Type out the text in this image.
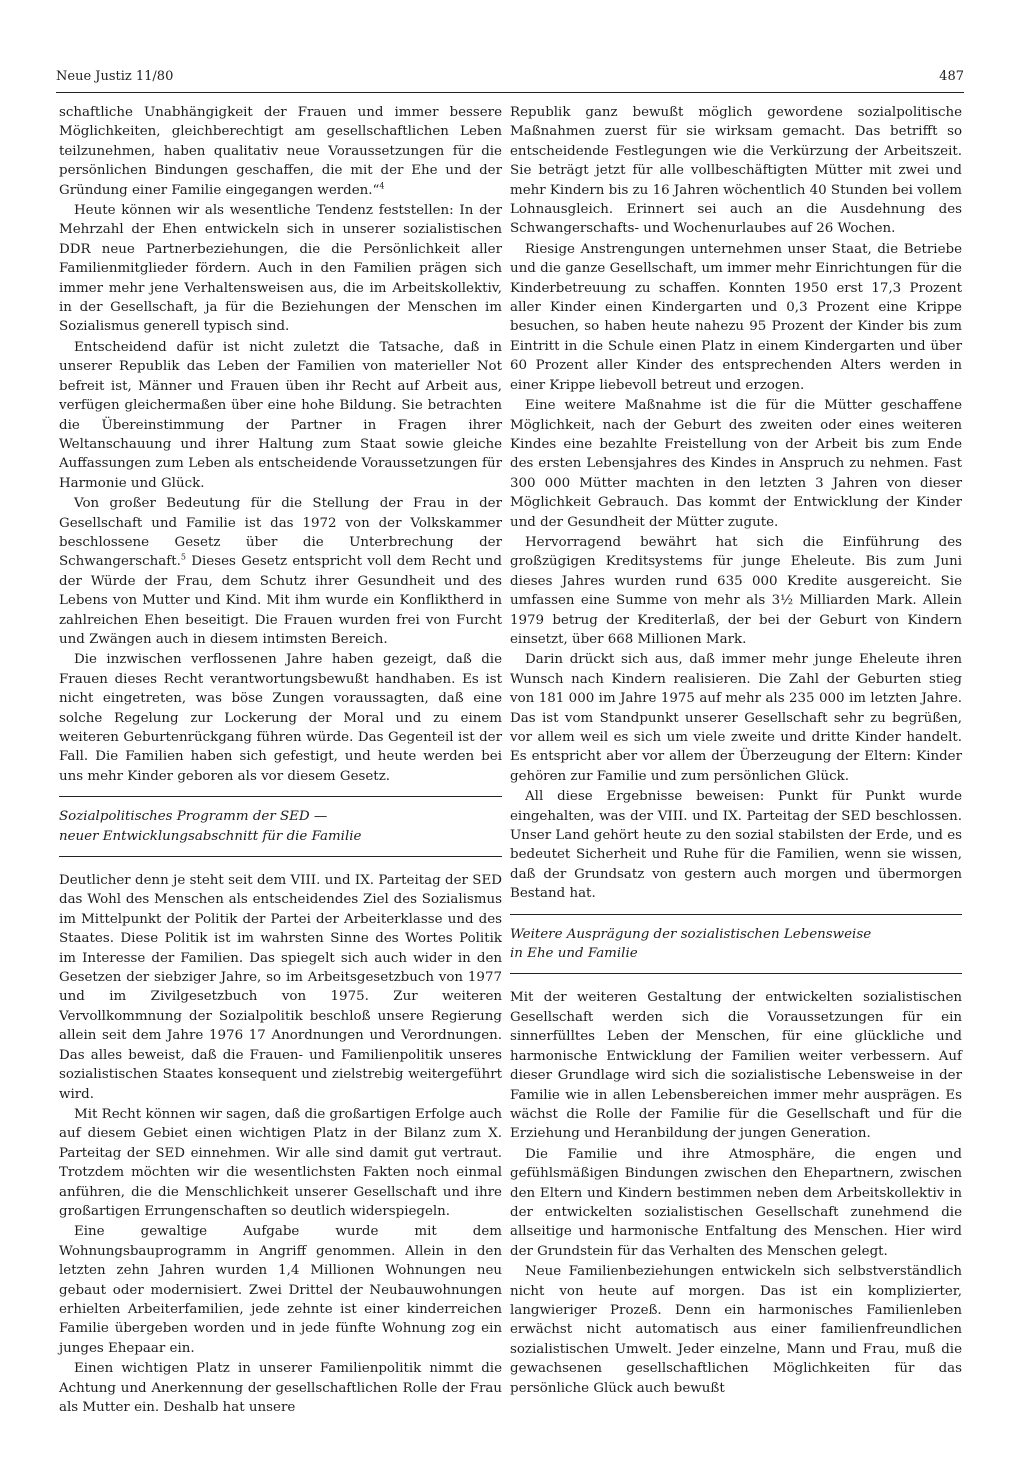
Neue Justiz 11/80	487

schaftliche Unabhängigkeit der Frauen und immer bessere Möglichkeiten, gleichberechtigt am gesellschaftlichen Leben teilzunehmen, haben qualitativ neue Voraussetzungen für die persönlichen Bindungen geschaffen, die mit der Ehe und der Gründung einer Familie eingegangen werden.“$^4$

Heute können wir als wesentliche Tendenz feststellen: In der Mehrzahl der Ehen entwickeln sich in unserer sozialistischen DDR neue Partnerbeziehungen, die die Persönlichkeit aller Familienmitglieder fördern. Auch in den Familien prägen sich immer mehr jene Verhaltensweisen aus, die im Arbeitskollektiv, in der Gesellschaft, ja für die Beziehungen der Menschen im Sozialismus generell typisch sind.

Entscheidend dafür ist nicht zuletzt die Tatsache, daß in unserer Republik das Leben der Familien von materieller Not befreit ist, Männer und Frauen üben ihr Recht auf Arbeit aus, verfügen gleichermaßen über eine hohe Bildung. Sie betrachten die Übereinstimmung der Partner in Fragen ihrer Weltanschauung und ihrer Haltung zum Staat sowie gleiche Auffassungen zum Leben als entscheidende Voraussetzungen für Harmonie und Glück.

Von großer Bedeutung für die Stellung der Frau in der Gesellschaft und Familie ist das 1972 von der Volkskammer beschlossene Gesetz über die Unterbrechung der Schwangerschaft.$^5$ Dieses Gesetz entspricht voll dem Recht und der Würde der Frau, dem Schutz ihrer Gesundheit und des Lebens von Mutter und Kind. Mit ihm wurde ein Konfliktherd in zahlreichen Ehen beseitigt. Die Frauen wurden frei von Furcht und Zwängen auch in diesem intimsten Bereich.

Die inzwischen verflossenen Jahre haben gezeigt, daß die Frauen dieses Recht verantwortungsbewußt handhaben. Es ist nicht eingetreten, was böse Zungen voraussagten, daß eine solche Regelung zur Lockerung der Moral und zu einem weiteren Geburtenrückgang führen würde. Das Gegenteil ist der Fall. Die Familien haben sich gefestigt, und heute werden bei uns mehr Kinder geboren als vor diesem Gesetz.

Sozialpolitisches Programm der SED —
neuer Entwicklungsabschnitt für die Familie

Deutlicher denn je steht seit dem VIII. und IX. Parteitag der SED das Wohl des Menschen als entscheidendes Ziel des Sozialismus im Mittelpunkt der Politik der Partei der Arbeiterklasse und des Staates. Diese Politik ist im wahrsten Sinne des Wortes Politik im Interesse der Familien. Das spiegelt sich auch wider in den Gesetzen der siebziger Jahre, so im Arbeitsgesetzbuch von 1977 und im Zivilgesetzbuch von 1975. Zur weiteren Vervollkommnung der Sozialpolitik beschloß unsere Regierung allein seit dem Jahre 1976 17 Anordnungen und Verordnungen. Das alles beweist, daß die Frauen- und Familienpolitik unseres sozialistischen Staates konsequent und zielstrebig weitergeführt wird.

Mit Recht können wir sagen, daß die großartigen Erfolge auch auf diesem Gebiet einen wichtigen Platz in der Bilanz zum X. Parteitag der SED einnehmen. Wir alle sind damit gut vertraut. Trotzdem möchten wir die wesentlichsten Fakten noch einmal anführen, die die Menschlichkeit unserer Gesellschaft und ihre großartigen Errungenschaften so deutlich widerspiegeln.

Eine gewaltige Aufgabe wurde mit dem Wohnungsbauprogramm in Angriff genommen. Allein in den letzten zehn Jahren wurden 1,4 Millionen Wohnungen neu gebaut oder modernisiert. Zwei Drittel der Neubauwohnungen erhielten Arbeiterfamilien, jede zehnte ist einer kinderreichen Familie übergeben worden und in jede fünfte Wohnung zog ein junges Ehepaar ein.

Einen wichtigen Platz in unserer Familienpolitik nimmt die Achtung und Anerkennung der gesellschaftlichen Rolle der Frau als Mutter ein. Deshalb hat unsere

Republik ganz bewußt möglich gewordene sozialpolitische Maßnahmen zuerst für sie wirksam gemacht. Das betrifft so entscheidende Festlegungen wie die Verkürzung der Arbeitszeit. Sie beträgt jetzt für alle vollbeschäftigten Mütter mit zwei und mehr Kindern bis zu 16 Jahren wöchentlich 40 Stunden bei vollem Lohnausgleich. Erinnert sei auch an die Ausdehnung des Schwangerschafts- und Wochenurlaubes auf 26 Wochen.

Riesige Anstrengungen unternehmen unser Staat, die Betriebe und die ganze Gesellschaft, um immer mehr Einrichtungen für die Kinderbetreuung zu schaffen. Konnten 1950 erst 17,3 Prozent aller Kinder einen Kindergarten und 0,3 Prozent eine Krippe besuchen, so haben heute nahezu 95 Prozent der Kinder bis zum Eintritt in die Schule einen Platz in einem Kindergarten und über 60 Prozent aller Kinder des entsprechenden Alters werden in einer Krippe liebevoll betreut und erzogen.

Eine weitere Maßnahme ist die für die Mütter geschaffene Möglichkeit, nach der Geburt des zweiten oder eines weiteren Kindes eine bezahlte Freistellung von der Arbeit bis zum Ende des ersten Lebensjahres des Kindes in Anspruch zu nehmen. Fast 300 000 Mütter machten in den letzten 3 Jahren von dieser Möglichkeit Gebrauch. Das kommt der Entwicklung der Kinder und der Gesundheit der Mütter zugute.

Hervorragend bewährt hat sich die Einführung des großzügigen Kreditsystems für junge Eheleute. Bis zum Juni dieses Jahres wurden rund 635 000 Kredite ausgereicht. Sie umfassen eine Summe von mehr als 3½ Milliarden Mark. Allein 1979 betrug der Krediterlaß, der bei der Geburt von Kindern einsetzt, über 668 Millionen Mark.

Darin drückt sich aus, daß immer mehr junge Eheleute ihren Wunsch nach Kindern realisieren. Die Zahl der Geburten stieg von 181 000 im Jahre 1975 auf mehr als 235 000 im letzten Jahre. Das ist vom Standpunkt unserer Gesellschaft sehr zu begrüßen, vor allem weil es sich um viele zweite und dritte Kinder handelt. Es entspricht aber vor allem der Überzeugung der Eltern: Kinder gehören zur Familie und zum persönlichen Glück.

All diese Ergebnisse beweisen: Punkt für Punkt wurde eingehalten, was der VIII. und IX. Parteitag der SED beschlossen. Unser Land gehört heute zu den sozial stabilsten der Erde, und es bedeutet Sicherheit und Ruhe für die Familien, wenn sie wissen, daß der Grundsatz von gestern auch morgen und übermorgen Bestand hat.

Weitere Ausprägung der sozialistischen Lebensweise
in Ehe und Familie

Mit der weiteren Gestaltung der entwickelten sozialistischen Gesellschaft werden sich die Voraussetzungen für ein sinnerfülltes Leben der Menschen, für eine glückliche und harmonische Entwicklung der Familien weiter verbessern. Auf dieser Grundlage wird sich die sozialistische Lebensweise in der Familie wie in allen Lebensbereichen immer mehr ausprägen. Es wächst die Rolle der Familie für die Gesellschaft und für die Erziehung und Heranbildung der jungen Generation.

Die Familie und ihre Atmosphäre, die engen und gefühlsmäßigen Bindungen zwischen den Ehepartnern, zwischen den Eltern und Kindern bestimmen neben dem Arbeitskollektiv in der entwickelten sozialistischen Gesellschaft zunehmend die allseitige und harmonische Entfaltung des Menschen. Hier wird der Grundstein für das Verhalten des Menschen gelegt.

Neue Familienbeziehungen entwickeln sich selbstverständlich nicht von heute auf morgen. Das ist ein komplizierter, langwieriger Prozeß. Denn ein harmonisches Familienleben erwächst nicht automatisch aus einer familienfreundlichen sozialistischen Umwelt. Jeder einzelne, Mann und Frau, muß die gewachsenen gesellschaftlichen Möglichkeiten für das persönliche Glück auch bewußt
